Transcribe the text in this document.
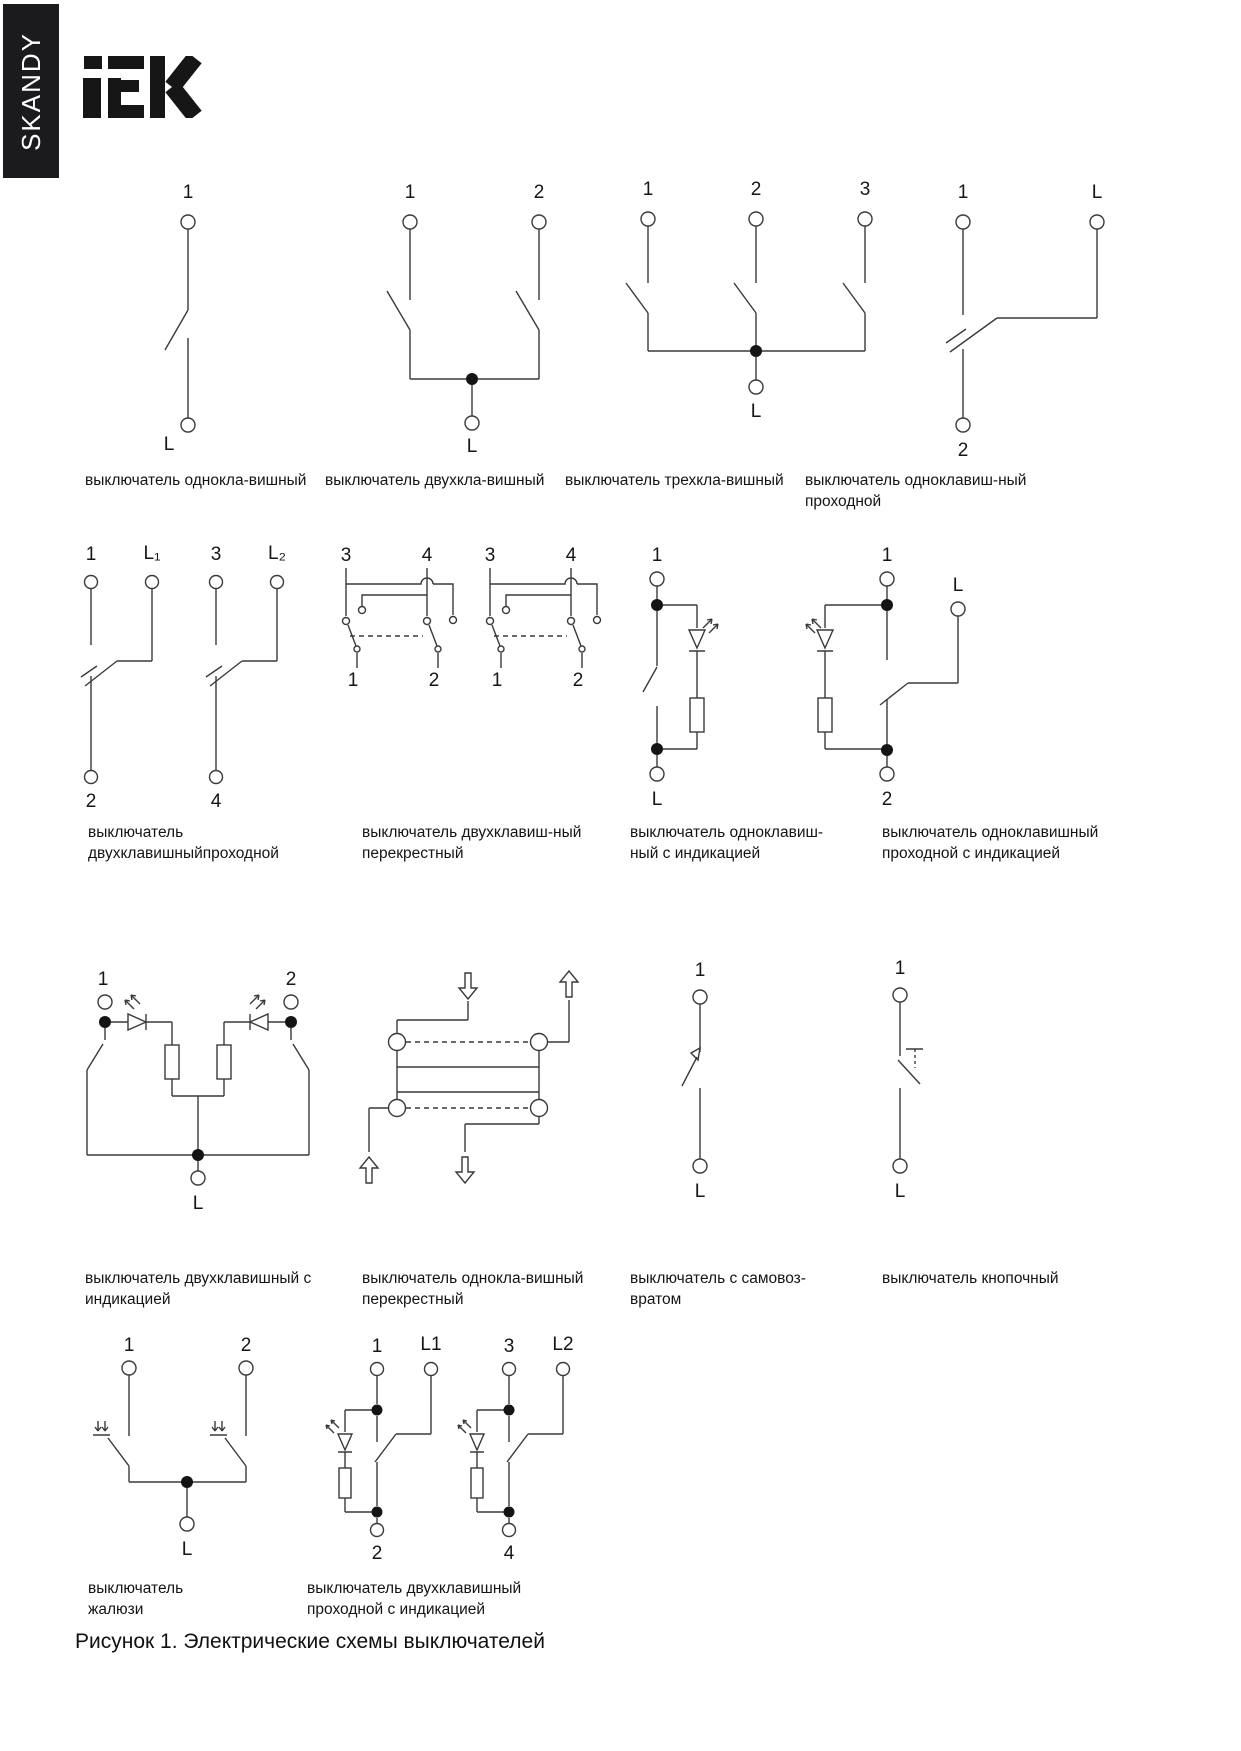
SKANDY
1
L
1	2
L
1	2	3
L
1	L
2
1 L₁
2
3 L₂
4
3	4
1	2
3	4
1	2
1
L
1
L
2
1	2
L
1
L
1
L
1	2
L
1 L1
2
3 L2
4
выключатель однокла-вишный выключатель двухкла-вишный выключатель трехкла-вишный выключатель одноклавиш-ный
проходной
выключатель
двухклавишныйпроходной
выключатель двухклавиш-ный
перекрестный
выключатель одноклавиш-
ный с индикацией
выключатель одноклавишный
проходной с индикацией
выключатель двухклавишный с
индикацией
выключатель однокла-вишный
перекрестный
выключатель с самовоз-
вратом
выключатель кнопочный
выключатель
жалюзи
выключатель двухклавишный
проходной с индикацией
Рисунок 1. Электрические схемы выключателей
